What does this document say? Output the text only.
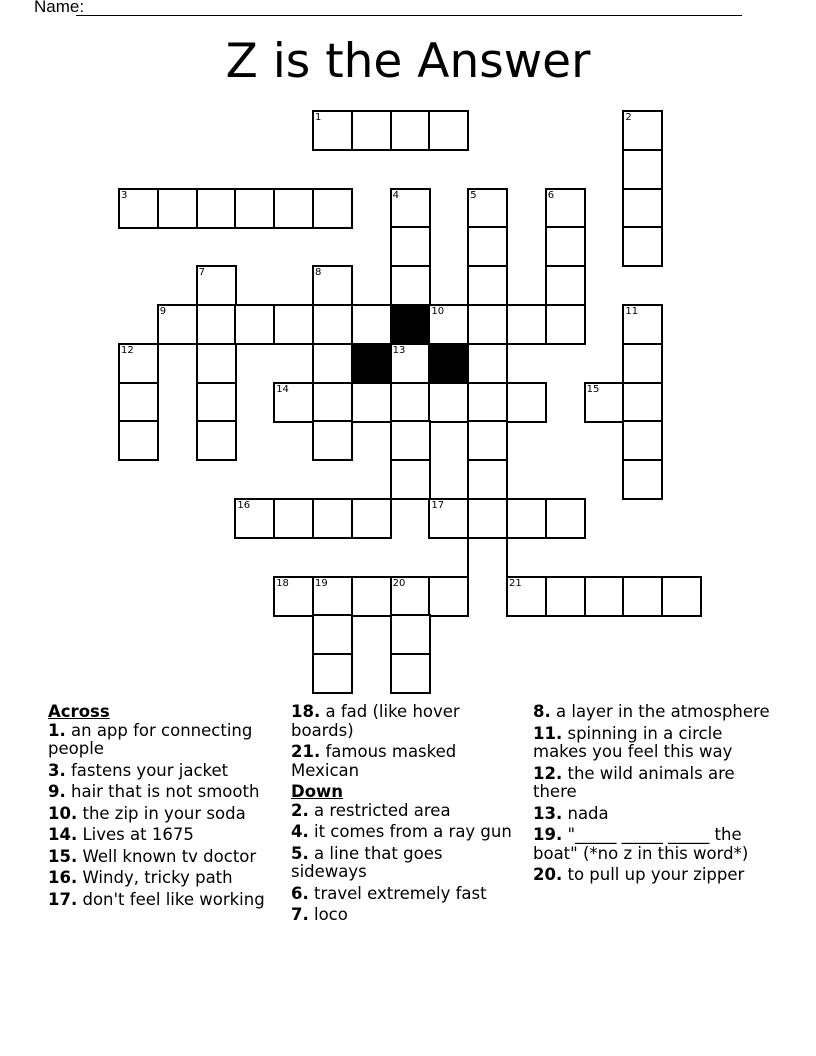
Name:
Z is the Answer
1	2
3	4	5	6
7	8
9	10	11
12	13
14	15
16	17
18	19	20	21
Across
1. an app for connecting people
3. fastens your jacket
9. hair that is not smooth
10. the zip in your soda
14. Lives at 1675
15. Well known tv doctor
16. Windy, tricky path
17. don't feel like working
18. a fad (like hover boards)
21. famous masked Mexican
Down
2. a restricted area
4. it comes from a ray gun
5. a line that goes sideways
6. travel extremely fast
7. loco
8. a layer in the atmosphere
11. spinning in a circle makes you feel this way
12. the wild animals are there
13. nada
19. "_____ _____ _____ the boat" (*no z in this word*)
20. to pull up your zipper
